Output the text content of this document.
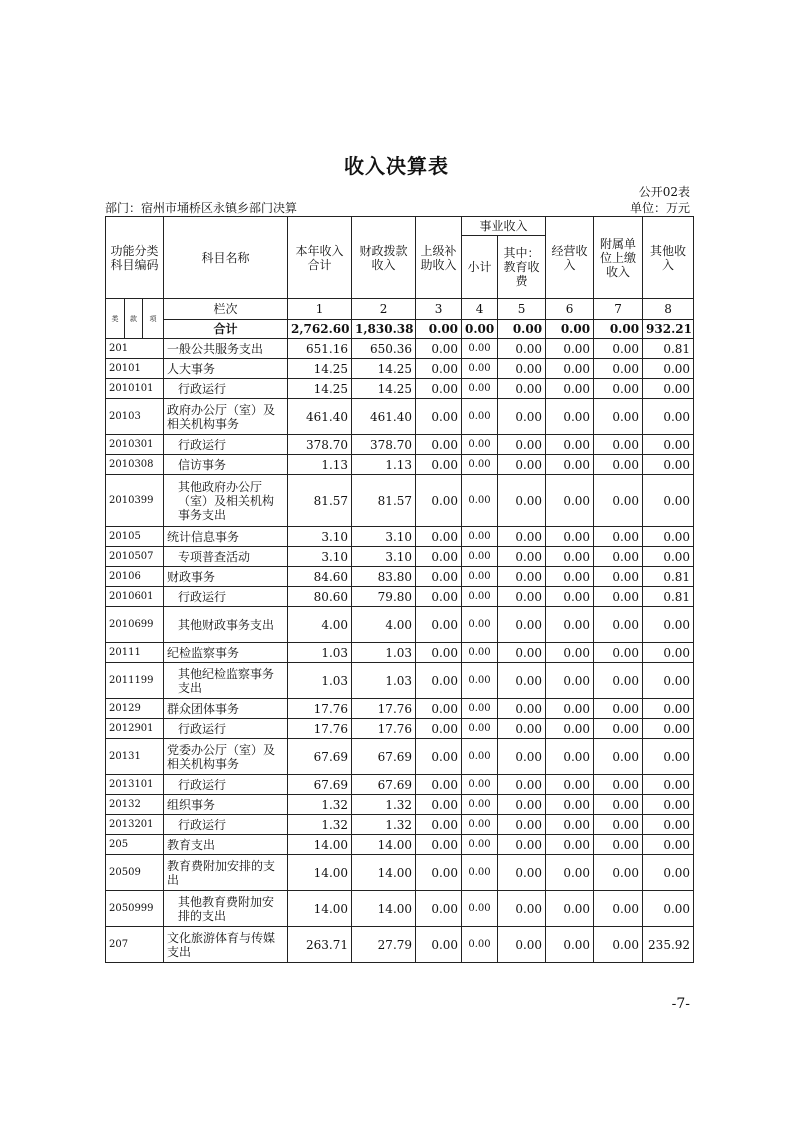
收入决算表
公开02表
部门：宿州市埇桥区永镇乡部门决算	单位：万元
功能分类科目编码			科目名称	本年收入合计	财政拨款收入	上级补助收入	事业收入		经营收入	附属单位上缴收入	其他收入
							小计	其中：教育收费			
类	款	项	栏次	1	2	3	4	5	6	7	8
			合计	2,762.60	1,830.38	0.00	0.00	0.00	0.00	0.00	932.21
201			一般公共服务支出	651.16	650.36	0.00	0.00	0.00	0.00	0.00	0.81
20101			人大事务	14.25	14.25	0.00	0.00	0.00	0.00	0.00	0.00
2010101			行政运行	14.25	14.25	0.00	0.00	0.00	0.00	0.00	0.00
20103			政府办公厅（室）及相关机构事务	461.40	461.40	0.00	0.00	0.00	0.00	0.00	0.00
2010301			行政运行	378.70	378.70	0.00	0.00	0.00	0.00	0.00	0.00
2010308			信访事务	1.13	1.13	0.00	0.00	0.00	0.00	0.00	0.00
2010399			其他政府办公厅（室）及相关机构事务支出	81.57	81.57	0.00	0.00	0.00	0.00	0.00	0.00
20105			统计信息事务	3.10	3.10	0.00	0.00	0.00	0.00	0.00	0.00
2010507			专项普查活动	3.10	3.10	0.00	0.00	0.00	0.00	0.00	0.00
20106			财政事务	84.60	83.80	0.00	0.00	0.00	0.00	0.00	0.81
2010601			行政运行	80.60	79.80	0.00	0.00	0.00	0.00	0.00	0.81
2010699			其他财政事务支出	4.00	4.00	0.00	0.00	0.00	0.00	0.00	0.00
20111			纪检监察事务	1.03	1.03	0.00	0.00	0.00	0.00	0.00	0.00
2011199			其他纪检监察事务支出	1.03	1.03	0.00	0.00	0.00	0.00	0.00	0.00
20129			群众团体事务	17.76	17.76	0.00	0.00	0.00	0.00	0.00	0.00
2012901			行政运行	17.76	17.76	0.00	0.00	0.00	0.00	0.00	0.00
20131			党委办公厅（室）及相关机构事务	67.69	67.69	0.00	0.00	0.00	0.00	0.00	0.00
2013101			行政运行	67.69	67.69	0.00	0.00	0.00	0.00	0.00	0.00
20132			组织事务	1.32	1.32	0.00	0.00	0.00	0.00	0.00	0.00
2013201			行政运行	1.32	1.32	0.00	0.00	0.00	0.00	0.00	0.00
205			教育支出	14.00	14.00	0.00	0.00	0.00	0.00	0.00	0.00
20509			教育费附加安排的支出	14.00	14.00	0.00	0.00	0.00	0.00	0.00	0.00
2050999			其他教育费附加安排的支出	14.00	14.00	0.00	0.00	0.00	0.00	0.00	0.00
207			文化旅游体育与传媒支出	263.71	27.79	0.00	0.00	0.00	0.00	0.00	235.92
-7-
